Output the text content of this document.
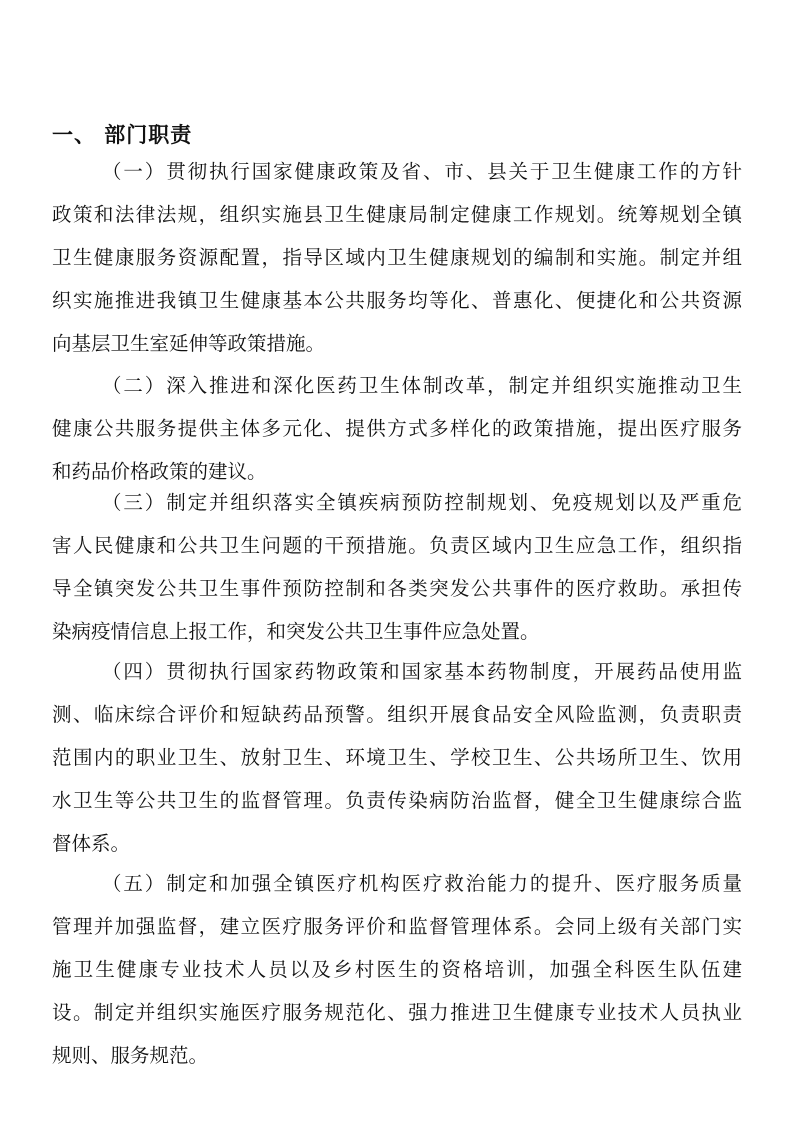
一、 部门职责
（一）贯彻执行国家健康政策及省、市、县关于卫生健康工作的方针
政策和法律法规，组织实施县卫生健康局制定健康工作规划。统筹规划全镇
卫生健康服务资源配置，指导区域内卫生健康规划的编制和实施。制定并组
织实施推进我镇卫生健康基本公共服务均等化、普惠化、便捷化和公共资源
向基层卫生室延伸等政策措施。
（二）深入推进和深化医药卫生体制改革，制定并组织实施推动卫生
健康公共服务提供主体多元化、提供方式多样化的政策措施，提出医疗服务
和药品价格政策的建议。
（三）制定并组织落实全镇疾病预防控制规划、免疫规划以及严重危
害人民健康和公共卫生问题的干预措施。负责区域内卫生应急工作，组织指
导全镇突发公共卫生事件预防控制和各类突发公共事件的医疗救助。承担传
染病疫情信息上报工作，和突发公共卫生事件应急处置。
（四）贯彻执行国家药物政策和国家基本药物制度，开展药品使用监
测、临床综合评价和短缺药品预警。组织开展食品安全风险监测，负责职责
范围内的职业卫生、放射卫生、环境卫生、学校卫生、公共场所卫生、饮用
水卫生等公共卫生的监督管理。负责传染病防治监督，健全卫生健康综合监
督体系。
（五）制定和加强全镇医疗机构医疗救治能力的提升、医疗服务质量
管理并加强监督，建立医疗服务评价和监督管理体系。会同上级有关部门实
施卫生健康专业技术人员以及乡村医生的资格培训，加强全科医生队伍建
设。制定并组织实施医疗服务规范化、强力推进卫生健康专业技术人员执业
规则、服务规范。
